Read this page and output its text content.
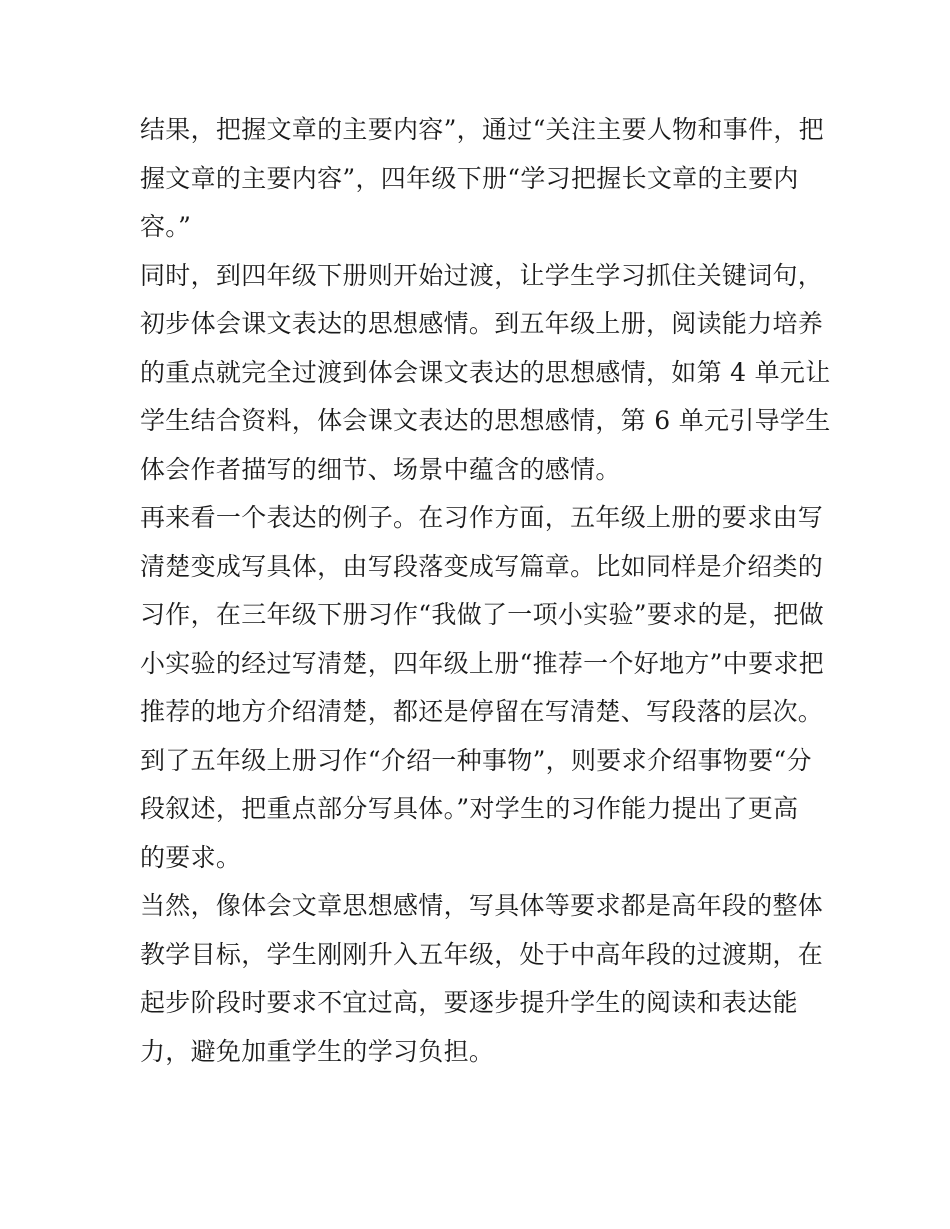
结果，把握文章的主要内容”，通过“关注主要人物和事件，把
握文章的主要内容”，四年级下册“学习把握长文章的主要内
容。”
同时，到四年级下册则开始过渡，让学生学习抓住关键词句，
初步体会课文表达的思想感情。到五年级上册，阅读能力培养
的重点就完全过渡到体会课文表达的思想感情，如第 4 单元让
学生结合资料，体会课文表达的思想感情，第 6 单元引导学生
体会作者描写的细节、场景中蕴含的感情。
再来看一个表达的例子。在习作方面，五年级上册的要求由写
清楚变成写具体，由写段落变成写篇章。比如同样是介绍类的
习作，在三年级下册习作“我做了一项小实验”要求的是，把做
小实验的经过写清楚，四年级上册“推荐一个好地方”中要求把
推荐的地方介绍清楚，都还是停留在写清楚、写段落的层次。
到了五年级上册习作“介绍一种事物”，则要求介绍事物要“分
段叙述，把重点部分写具体。”对学生的习作能力提出了更高
的要求。
当然，像体会文章思想感情，写具体等要求都是高年段的整体
教学目标，学生刚刚升入五年级，处于中高年段的过渡期，在
起步阶段时要求不宜过高，要逐步提升学生的阅读和表达能
力，避免加重学生的学习负担。
